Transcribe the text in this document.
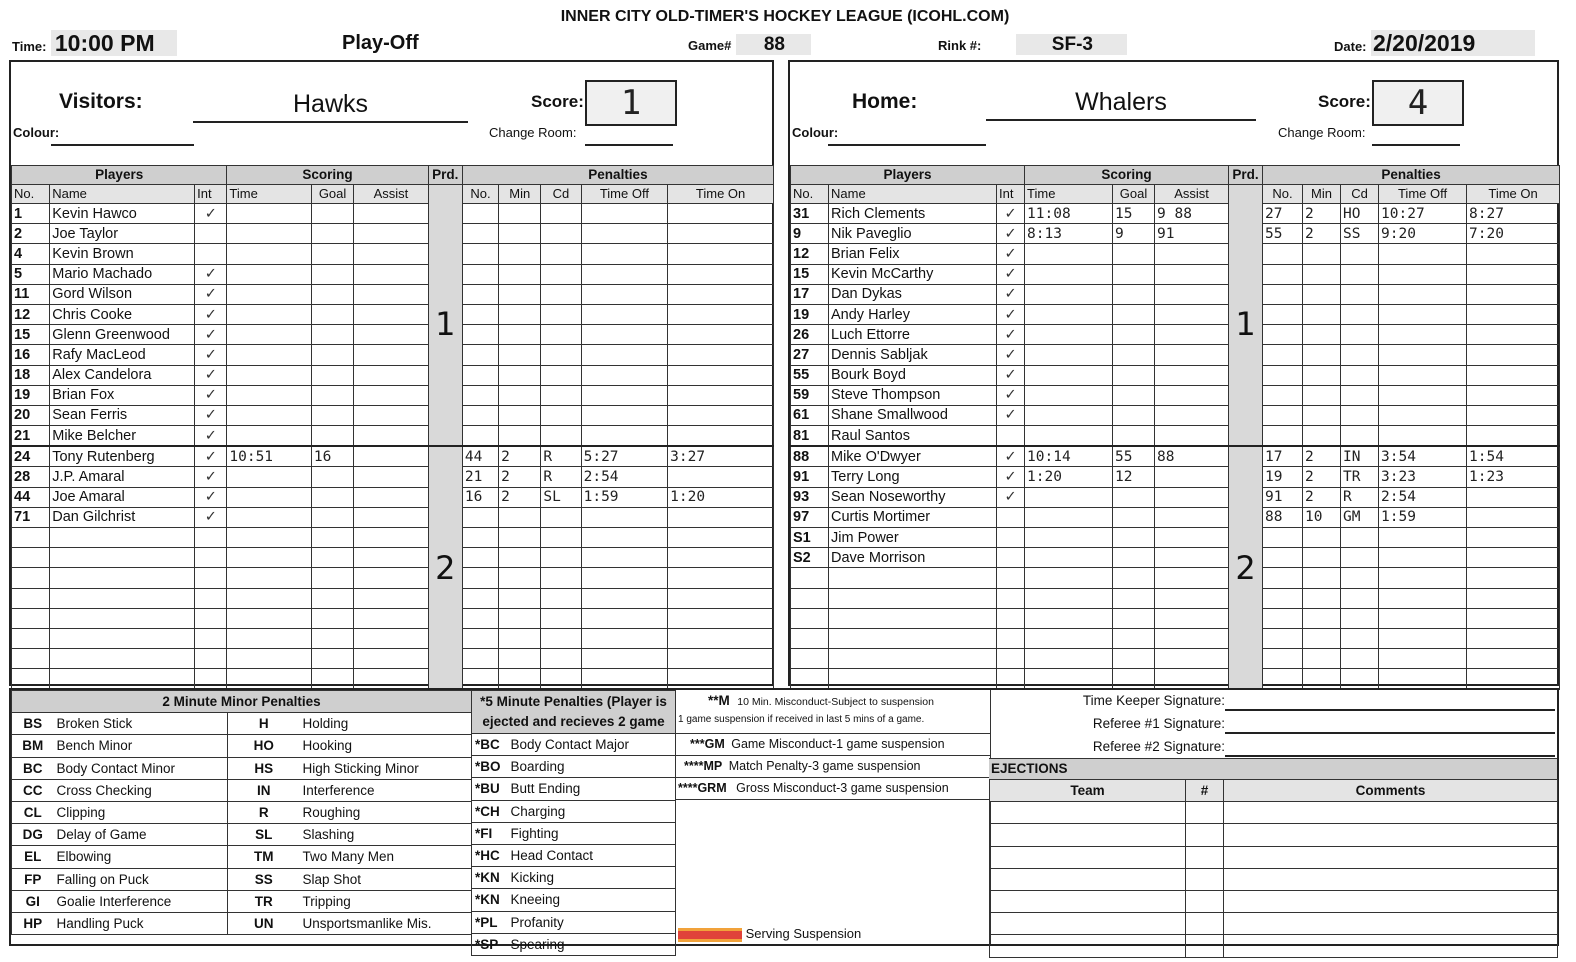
INNER CITY OLD-TIMER'S HOCKEY LEAGUE (ICOHL.COM)
Time: 10:00 PM	Play-Off	Game# 88	Rink #:	SF-3	Date: 2/20/2019
Visitors:	Hawks	Score:	1
Colour:	Change Room:
Players			Scoring			Prd.	Penalties				
No.	Name	Int	Time	Goal	Assist		No.	Min	Cd	Time Off	Time On
1	Kevin Hawco	✓				1					
2	Joe Taylor										
4	Kevin Brown										
5	Mario Machado	✓									
11	Gord Wilson	✓									
12	Chris Cooke	✓									
15	Glenn Greenwood	✓									
16	Rafy MacLeod	✓									
18	Alex Candelora	✓									
19	Brian Fox	✓									
20	Sean Ferris	✓									
21	Mike Belcher	✓									
24	Tony Rutenberg	✓	10:51	16		2	44	2	R	5:27	3:27
28	J.P. Amaral	✓					21	2	R	2:54	
44	Joe Amaral	✓					16	2	SL	1:59	1:20
71	Dan Gilchrist	✓									

Home:	Whalers	Score:	4
Colour:	Change Room:
Players			Scoring			Prd.	Penalties				
No.	Name	Int	Time	Goal	Assist		No.	Min	Cd	Time Off	Time On
31	Rich Clements	✓	11:08	15	9 88	1	27	2	HO	10:27	8:27
9	Nik Paveglio	✓	8:13	9	91		55	2	SS	9:20	7:20
12	Brian Felix	✓									
15	Kevin McCarthy	✓									
17	Dan Dykas	✓									
19	Andy Harley	✓									
26	Luch Ettorre	✓									
27	Dennis Sabljak	✓									
55	Bourk Boyd	✓									
59	Steve Thompson	✓									
61	Shane Smallwood	✓									
81	Raul Santos										
88	Mike O'Dwyer	✓	10:14	55	88	2	17	2	IN	3:54	1:54
91	Terry Long	✓	1:20	12			19	2	TR	3:23	1:23
93	Sean Noseworthy	✓					91	2	R	2:54	
97	Curtis Mortimer						88	10	GM	1:59	
S1	Jim Power										
S2	Dave Morrison										

2 Minute Minor Penalties			
BS	Broken Stick	H	Holding
BM	Bench Minor	HO	Hooking
BC	Body Contact Minor	HS	High Sticking Minor
CC	Cross Checking	IN	Interference
CL	Clipping	R	Roughing
DG	Delay of Game	SL	Slashing
EL	Elbowing	TM	Two Many Men
FP	Falling on Puck	SS	Slap Shot
GI	Goalie Interference	TR	Tripping
HP	Handling Puck	UN	Unsportsmanlike Mis.
*5 Minute Penalties (Player is ejected and recieves 2 game	
*BC	Body Contact Major
*BO	Boarding
*BU	Butt Ending
*CH	Charging
*FI	Fighting
*HC	Head Contact
*KN	Kicking
*KN	Kneeing
*PL	Profanity
*SP	Spearing
**M 10 Min. Misconduct-Subject to suspension
1 game suspension if received in last 5 mins of a game.
***GM Game Misconduct-1 game suspension
****MP Match Penalty-3 game suspension
****GRM Gross Misconduct-3 game suspension
Serving Suspension
Time Keeper Signature:
Referee #1 Signature:
Referee #2 Signature:
EJECTIONS
Team	#	Comments
